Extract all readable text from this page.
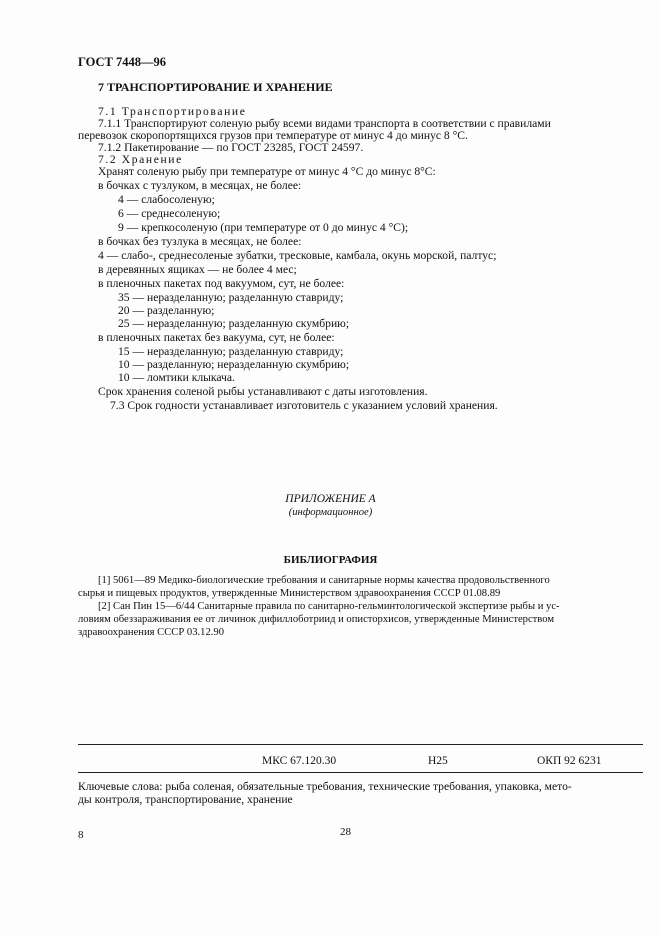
ГОСТ 7448—96
7 ТРАНСПОРТИРОВАНИЕ И ХРАНЕНИЕ
7.1 Транспортирование
7.1.1 Транспортируют соленую рыбу всеми видами транспорта в соответствии с правилами
перевозок скоропортящихся грузов при температуре от минус 4 до минус 8 °С.
7.1.2 Пакетирование — по ГОСТ 23285, ГОСТ 24597.
7.2 Хранение
Хранят соленую рыбу при температуре от минус 4 °С до минус 8°С:
в бочках с тузлуком, в месяцах, не более:
4 — слабосоленую;
6 — среднесоленую;
9 — крепкосоленую (при температуре от 0 до минус 4 °С);
в бочках без тузлука в месяцах, не более:
4 — слабо-, среднесоленые зубатки, тресковые, камбала, окунь морской, палтус;
в деревянных ящиках — не более 4 мес;
в пленочных пакетах под вакуумом, сут, не более:
35 — неразделанную; разделанную ставриду;
20 — разделанную;
25 — неразделанную; разделанную скумбрию;
в пленочных пакетах без вакуума, сут, не более:
15 — неразделанную; разделанную ставриду;
10 — разделанную; неразделанную скумбрию;
10 — ломтики клыкача.
Срок хранения соленой рыбы устанавливают с даты изготовления.
7.3 Срок годности устанавливает изготовитель с указанием условий хранения.
ПРИЛОЖЕНИЕ А
(информационное)
БИБЛИОГРАФИЯ
[1] 5061—89 Медико-биологические требования и санитарные нормы качества продовольственного
сырья и пищевых продуктов, утвержденные Министерством здравоохранения СССР 01.08.89
[2] Сан Пин 15—6/44 Санитарные правила по санитарно-гельминтологической экспертизе рыбы и ус-
ловиям обеззараживания ее от личинок дифиллоботриид и описторхисов, утвержденные Министерством
здравоохранения СССР 03.12.90
МКС 67.120.30	Н25	ОКП 92 6231
Ключевые слова: рыба соленая, обязательные требования, технические требования, упаковка, мето-
ды контроля, транспортирование, хранение
8	28
